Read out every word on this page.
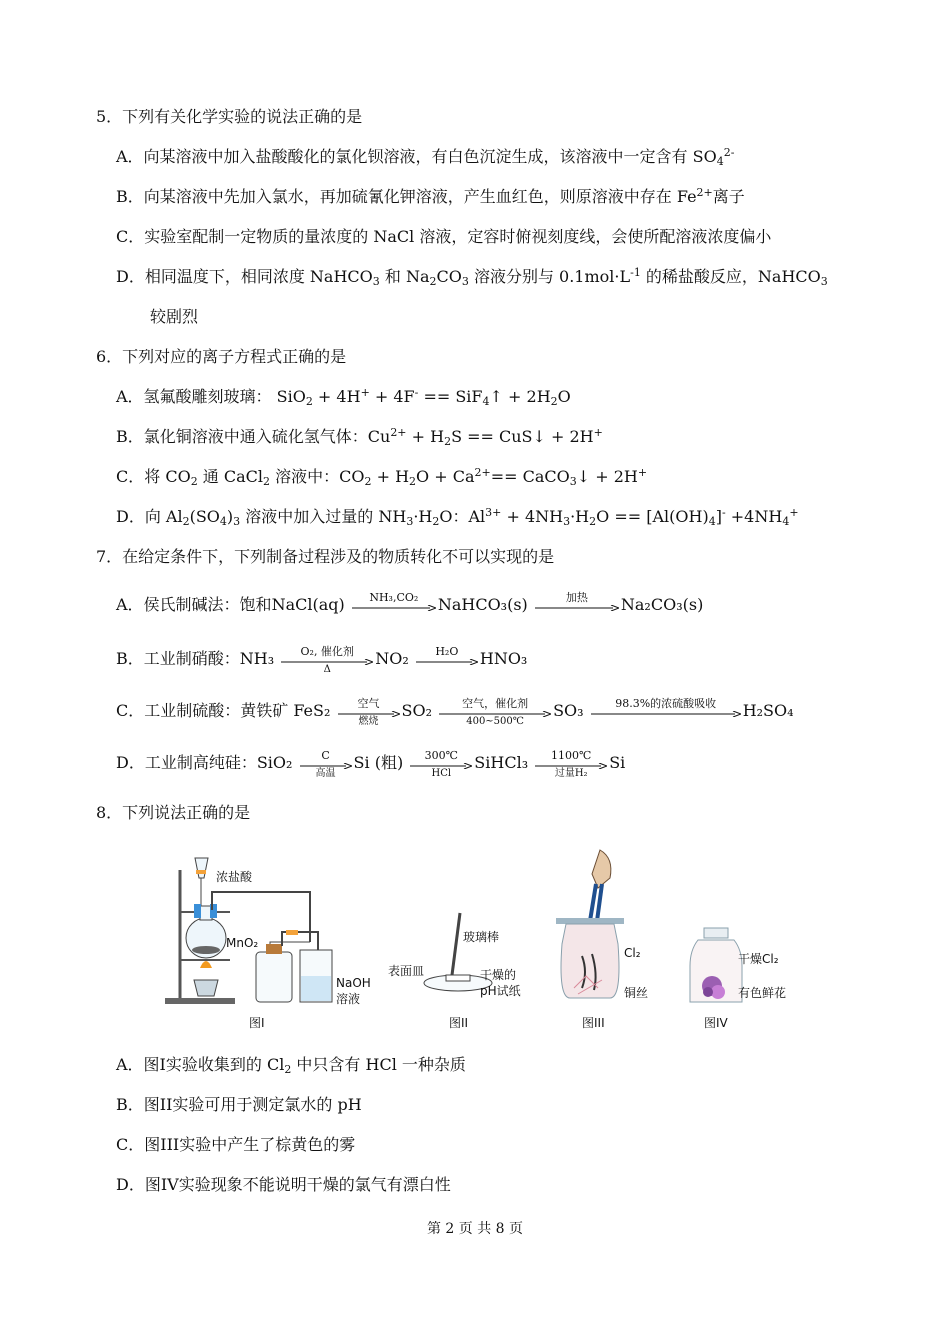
5．下列有关化学实验的说法正确的是
A．向某溶液中加入盐酸酸化的氯化钡溶液，有白色沉淀生成，该溶液中一定含有 $SO_4^{2-}$
B．向某溶液中先加入氯水，再加硫氰化钾溶液，产生血红色，则原溶液中存在 $Fe^{2+}$离子
C．实验室配制一定物质的量浓度的 NaCl 溶液，定容时俯视刻度线，会使所配溶液浓度偏小
D．相同温度下，相同浓度 NaHCO$_3$ 和 $Na_2CO_3$ 溶液分别与 $0.1mol\cdot L^{-1}$ 的稀盐酸反应，NaHCO$_3$
较剧烈
6．下列对应的离子方程式正确的是
A．氢氟酸雕刻玻璃： SiO$_2$ + 4H+ + 4F- == SiF$_4$↑ + $2H_2O$
B．氯化铜溶液中通入硫化氢气体：$Cu^{2+} + H_2S$ == CuS↓ + 2H+
C．将 $CO_2$ 通 CaCl$_2$ 溶液中：$CO_2 + H_2O + Ca^{2+}==$ CaCO$_3$↓ + 2H+
D．向 $Al_2(SO_4)_3$ 溶液中加入过量的 $NH_3\cdot H_2O$：$Al^{3+} + 4NH_3\cdot H_2O == [Al(OH)_4]^- +4NH_4^+$
7．在给定条件下，下列制备过程涉及的物质转化不可以实现的是
A．侯氏制碱法：饱和NaCl(aq)	NH₃,CO₂	NaHCO₃(s)	加热	Na₂CO₃(s)
B．工业制硝酸：NH₃	O₂, 催化剂
Δ
NO₂	H₂O	HNO₃
C．工业制硫酸：黄铁矿 FeS₂	空气
燃烧
SO₂	空气，催化剂
400~500℃
SO₃	98.3%的浓硫酸吸收	H₂SO₄
D．工业制高纯硅：SiO₂	C
高温
Si (粗)	300℃
HCl
SiHCl₃	1100℃
过量H₂
Si
8．下列说法正确的是
浓盐酸
MnO₂
NaOH
溶液
图I
玻璃棒
表面皿	干燥的
pH试纸
图II
Cl₂
铜丝
图III
干燥Cl₂
有色鲜花
图IV
A．图I实验收集到的 $Cl_2$ 中只含有 HCl 一种杂质
B．图II实验可用于测定氯水的 pH
C．图III实验中产生了棕黄色的雾
D．图IV实验现象不能说明干燥的氯气有漂白性
第 2 页 共 8 页
